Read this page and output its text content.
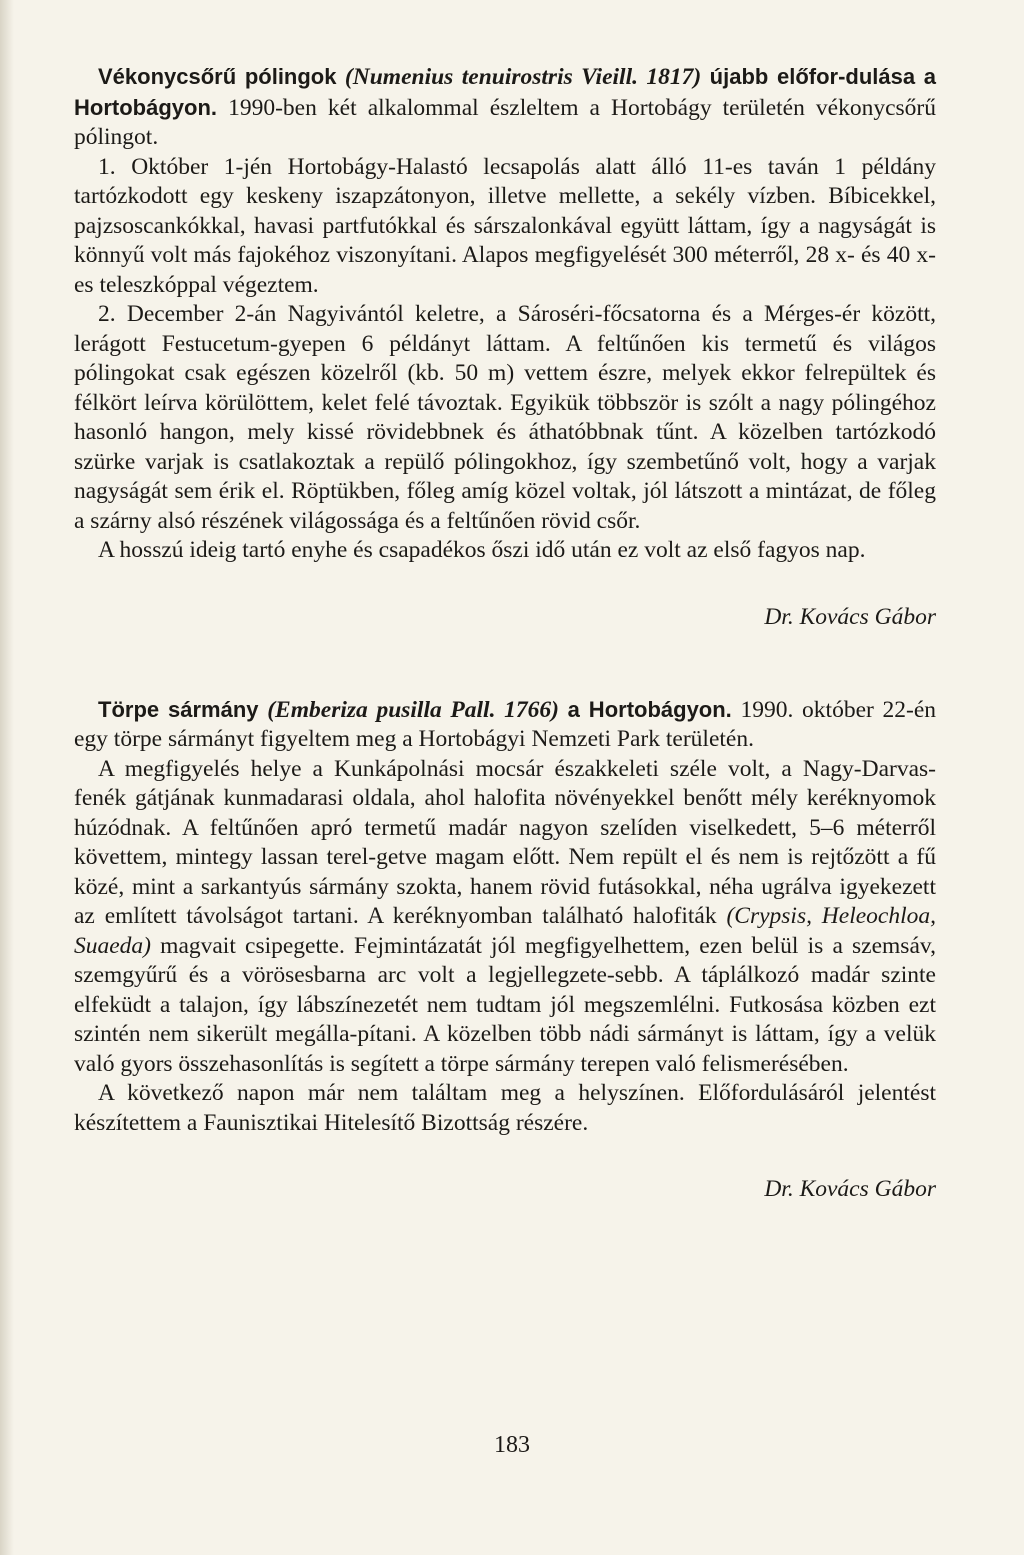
Vékonycsőrű pólingok (Numenius tenuirostris Vieill. 1817) újabb előfor-dulása a Hortobágyon. 1990-ben két alkalommal észleltem a Hortobágy területén vékonycsőrű pólingot.

1. Október 1-jén Hortobágy-Halastó lecsapolás alatt álló 11-es taván 1 példány tartózkodott egy keskeny iszapzátonyon, illetve mellette, a sekély vízben. Bíbicekkel, pajzsoscankókkal, havasi partfutókkal és sárszalonkával együtt láttam, így a nagyságát is könnyű volt más fajokéhoz viszonyítani. Alapos megfigyelését 300 méterről, 28 x- és 40 x-es teleszkóppal végeztem.

2. December 2-án Nagyivántól keletre, a Sároséri-főcsatorna és a Mérges-ér között, lerágott Festucetum-gyepen 6 példányt láttam. A feltűnően kis termetű és világos pólingokat csak egészen közelről (kb. 50 m) vettem észre, melyek ekkor felrepültek és félkört leírva körülöttem, kelet felé távoztak. Egyikük többször is szólt a nagy pólingéhoz hasonló hangon, mely kissé rövidebbnek és áthatóbbnak tűnt. A közelben tartózkodó szürke varjak is csatlakoztak a repülő pólingokhoz, így szembetűnő volt, hogy a varjak nagyságát sem érik el. Röptükben, főleg amíg közel voltak, jól látszott a mintázat, de főleg a szárny alsó részének világossága és a feltűnően rövid csőr.

A hosszú ideig tartó enyhe és csapadékos őszi idő után ez volt az első fagyos nap.

Dr. Kovács Gábor

Törpe sármány (Emberiza pusilla Pall. 1766) a Hortobágyon. 1990. október 22-én egy törpe sármányt figyeltem meg a Hortobágyi Nemzeti Park területén.

A megfigyelés helye a Kunkápolnási mocsár északkeleti széle volt, a Nagy-Darvas-fenék gátjának kunmadarasi oldala, ahol halofita növényekkel benőtt mély keréknyomok húzódnak. A feltűnően apró termetű madár nagyon szelíden viselkedett, 5–6 méterről követtem, mintegy lassan terel-getve magam előtt. Nem repült el és nem is rejtőzött a fű közé, mint a sarkantyús sármány szokta, hanem rövid futásokkal, néha ugrálva igyekezett az említett távolságot tartani. A keréknyomban található halofiták (Crypsis, Heleochloa, Suaeda) magvait csipegette. Fejmintázatát jól megfigyelhettem, ezen belül is a szemsáv, szemgyűrű és a vörösesbarna arc volt a legjellegzete-sebb. A táplálkozó madár szinte elfeküdt a talajon, így lábszínezetét nem tudtam jól megszemlélni. Futkosása közben ezt szintén nem sikerült megálla-pítani. A közelben több nádi sármányt is láttam, így a velük való gyors összehasonlítás is segített a törpe sármány terepen való felismerésében.

A következő napon már nem találtam meg a helyszínen. Előfordulásáról jelentést készítettem a Faunisztikai Hitelesítő Bizottság részére.

Dr. Kovács Gábor
183
